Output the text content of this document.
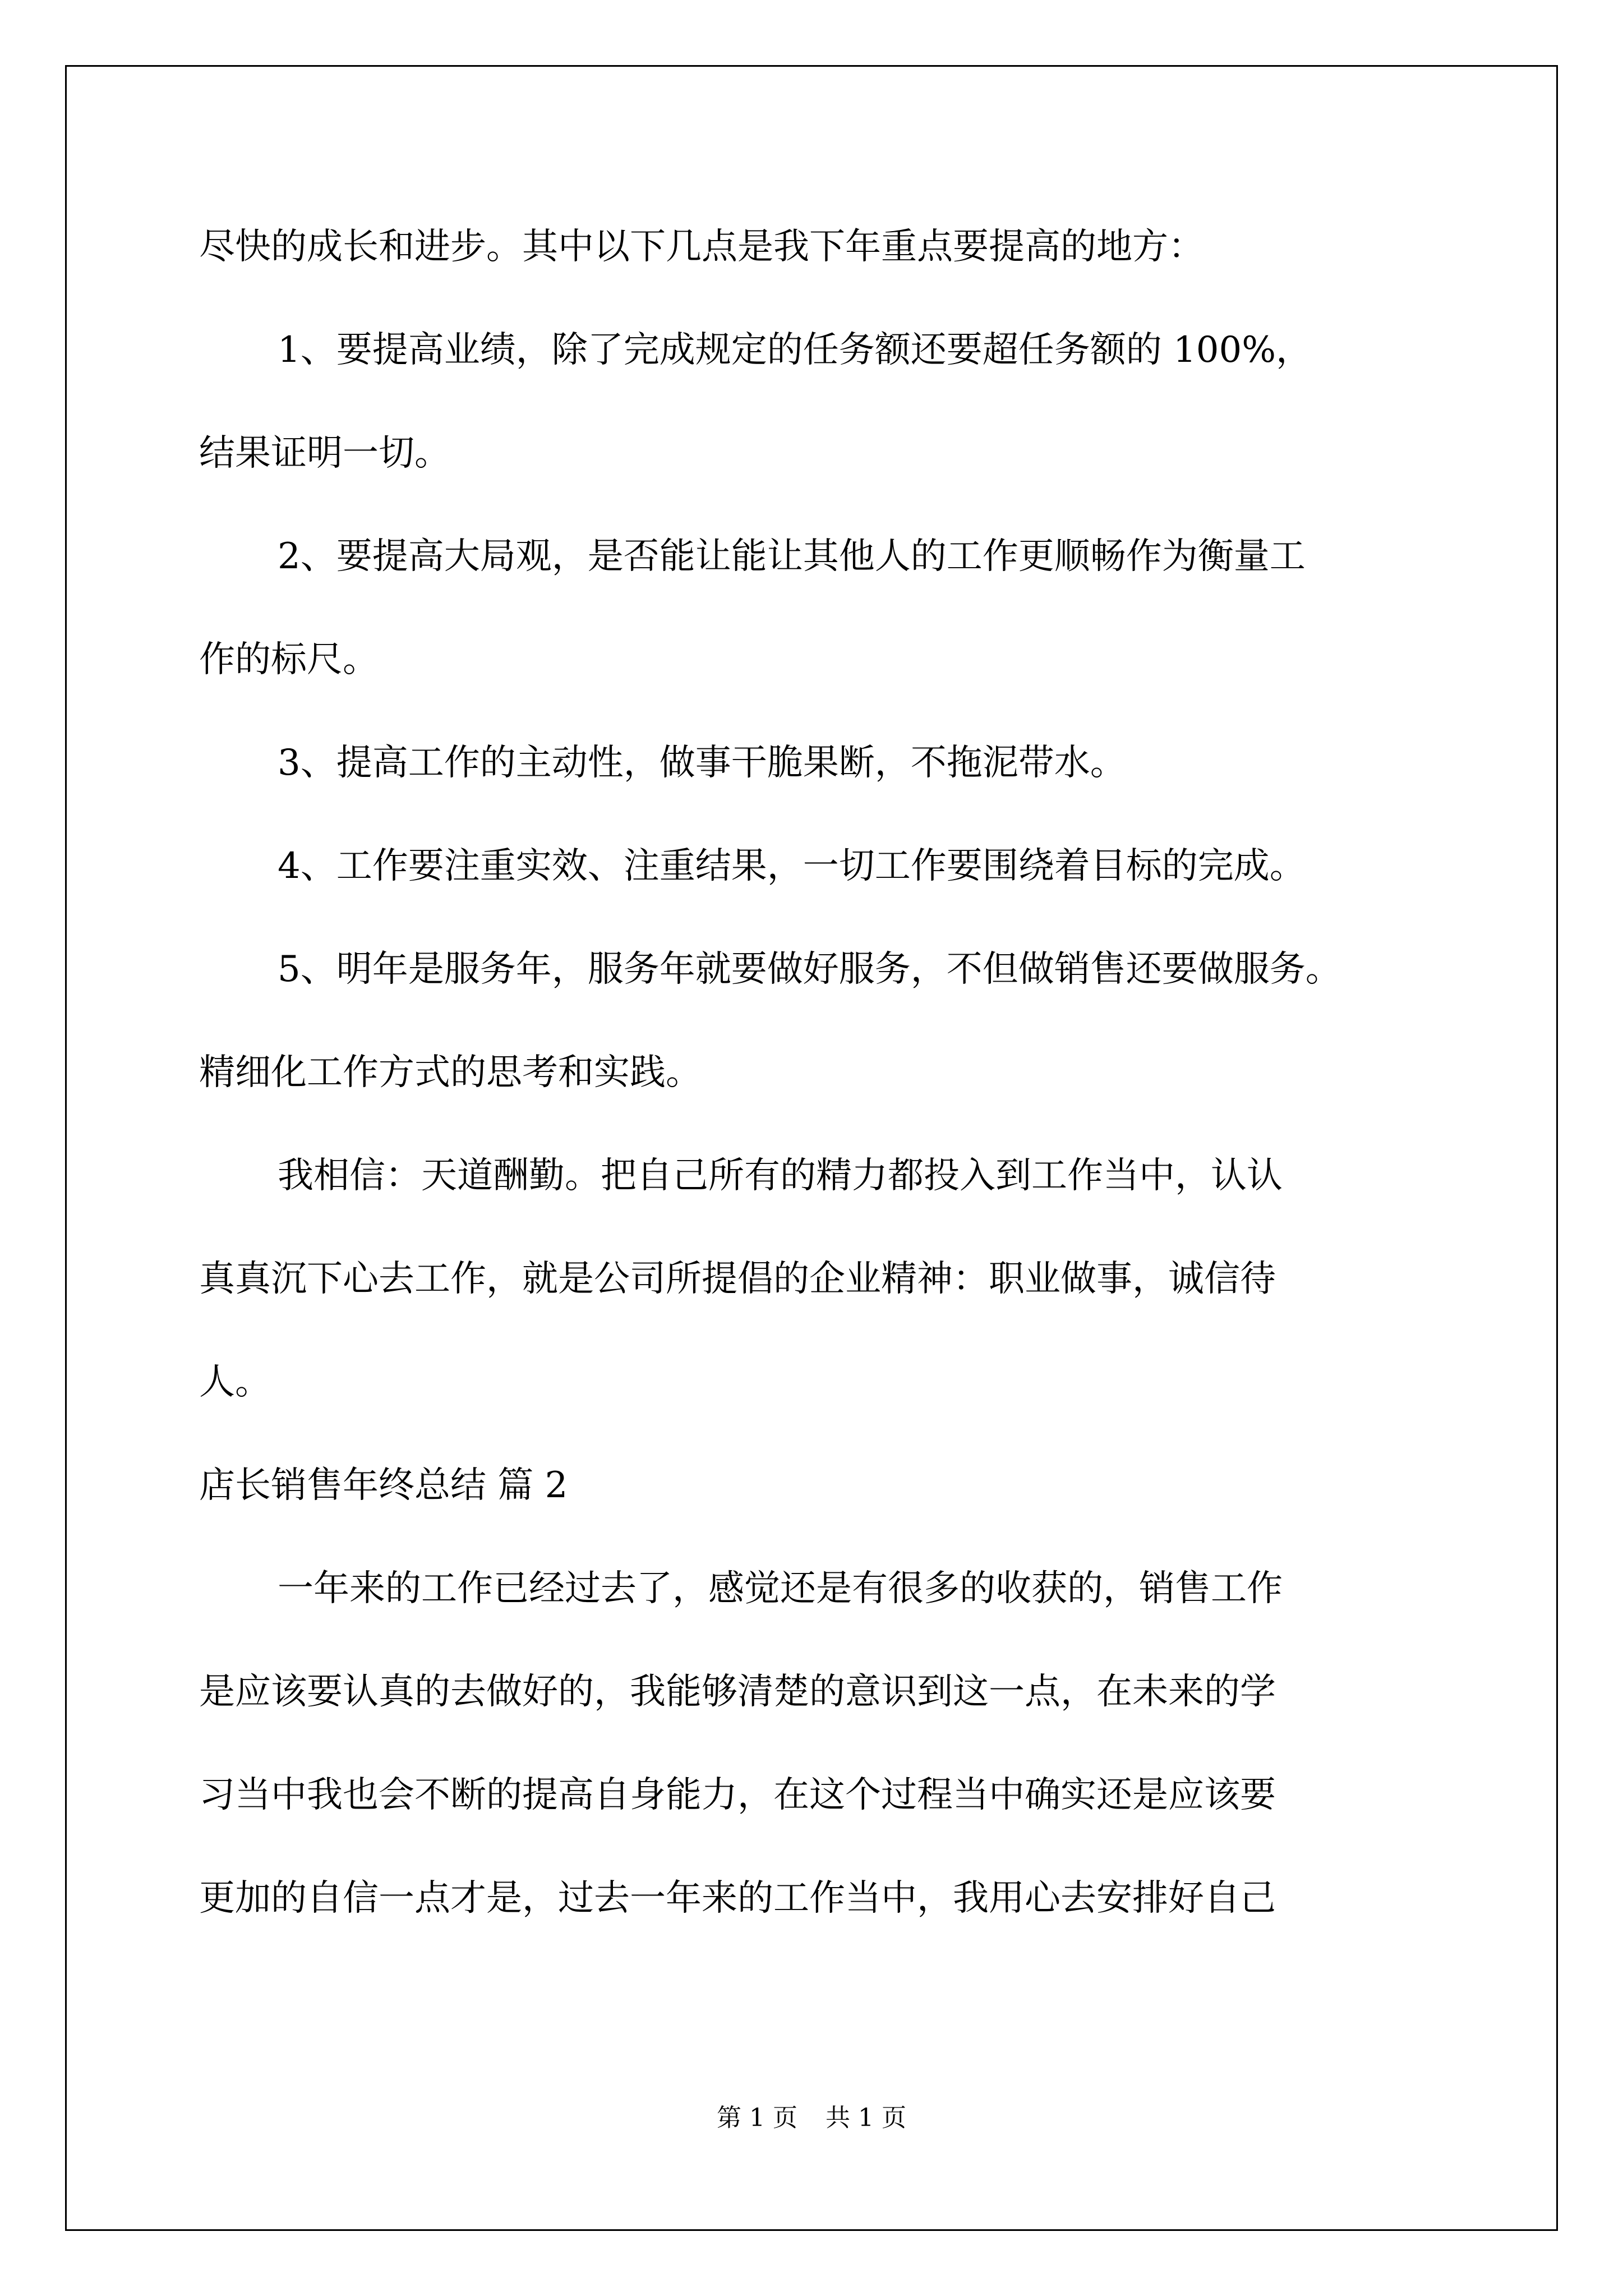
尽快的成长和进步。其中以下几点是我下年重点要提高的地方：
1、要提高业绩，除了完成规定的任务额还要超任务额的 100%，
结果证明一切。
2、要提高大局观，是否能让能让其他人的工作更顺畅作为衡量工
作的标尺。
3、提高工作的主动性，做事干脆果断，不拖泥带水。
4、工作要注重实效、注重结果，一切工作要围绕着目标的完成。
5、明年是服务年，服务年就要做好服务，不但做销售还要做服务。
精细化工作方式的思考和实践。
我相信：天道酬勤。把自己所有的精力都投入到工作当中，认认
真真沉下心去工作，就是公司所提倡的企业精神：职业做事，诚信待
人。
店长销售年终总结 篇 2
一年来的工作已经过去了，感觉还是有很多的收获的，销售工作
是应该要认真的去做好的，我能够清楚的意识到这一点，在未来的学
习当中我也会不断的提高自身能力，在这个过程当中确实还是应该要
更加的自信一点才是，过去一年来的工作当中，我用心去安排好自己
第 1 页 共 1 页
